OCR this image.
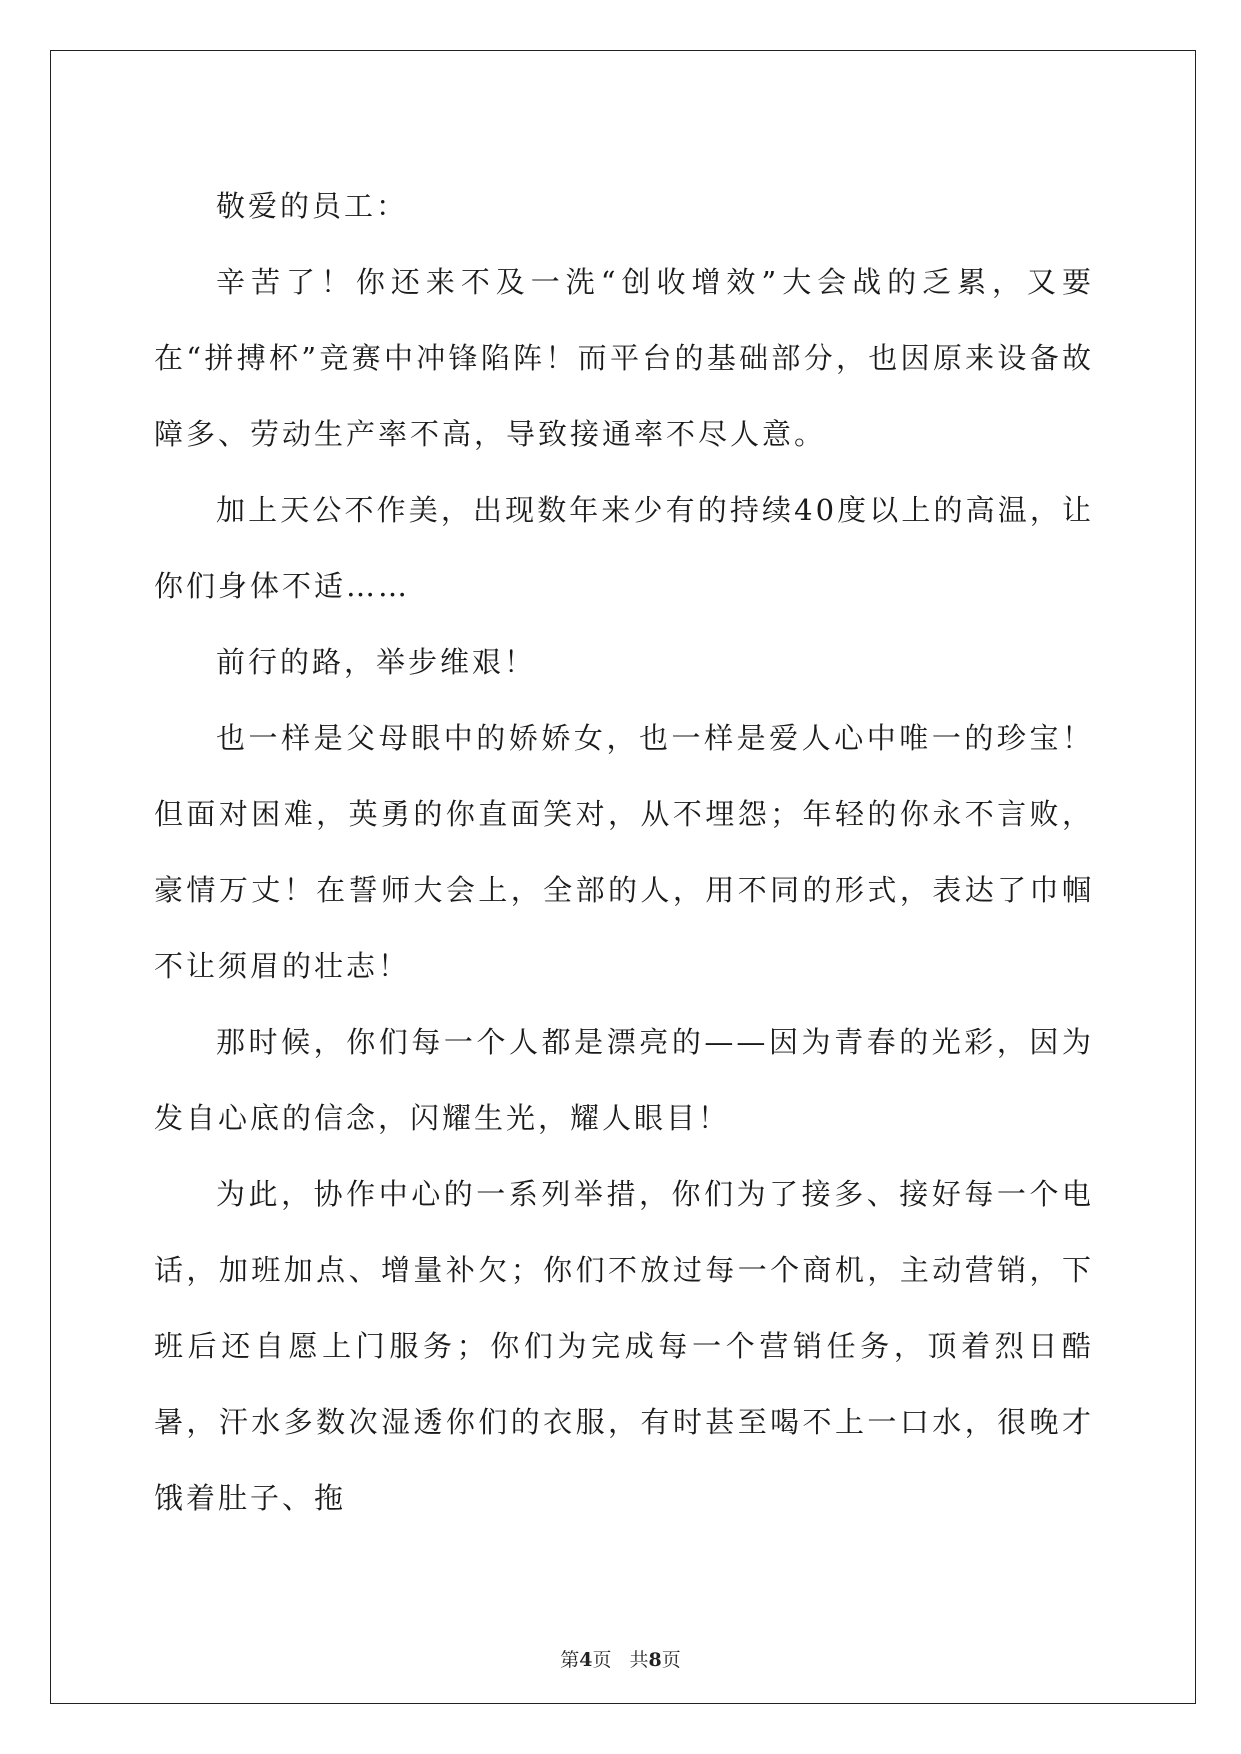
敬爱的员工：

辛苦了！你还来不及一洗“创收增效”大会战的乏累，又要在“拼搏杯”竞赛中冲锋陷阵！而平台的基础部分，也因原来设备故障多、劳动生产率不高，导致接通率不尽人意。

加上天公不作美，出现数年来少有的持续40度以上的高温，让你们身体不适……

前行的路，举步维艰！

也一样是父母眼中的娇娇女，也一样是爱人心中唯一的珍宝！但面对困难，英勇的你直面笑对，从不埋怨；年轻的你永不言败，豪情万丈！在誓师大会上，全部的人，用不同的形式，表达了巾帼不让须眉的壮志！

那时候，你们每一个人都是漂亮的——因为青春的光彩，因为发自心底的信念，闪耀生光，耀人眼目！

为此，协作中心的一系列举措，你们为了接多、接好每一个电话，加班加点、增量补欠；你们不放过每一个商机，主动营销，下班后还自愿上门服务；你们为完成每一个营销任务，顶着烈日酷暑，汗水多数次湿透你们的衣服，有时甚至喝不上一口水，很晚才饿着肚子、拖

第4页 共8页
